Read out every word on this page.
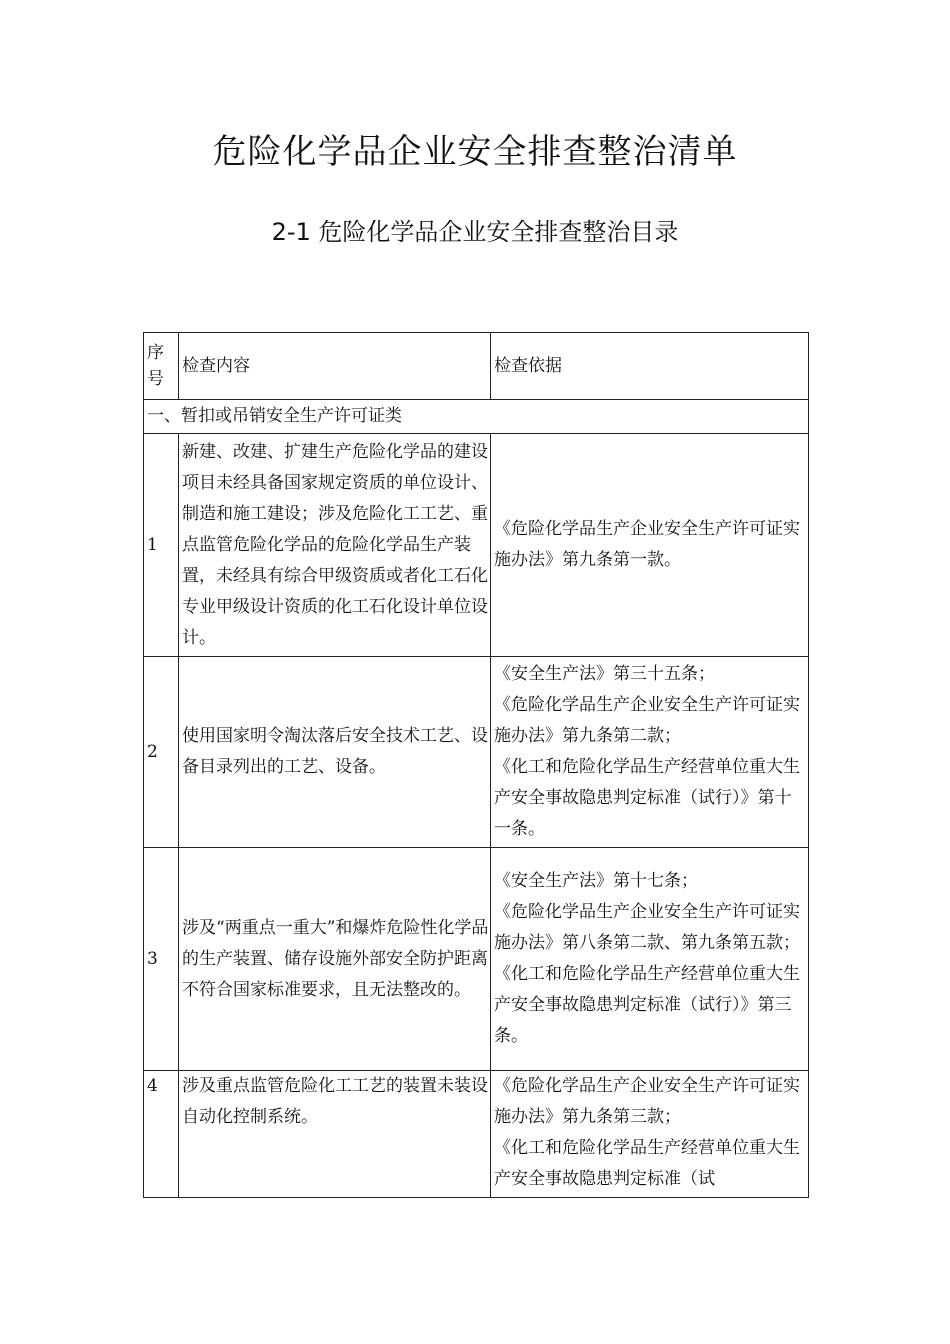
危险化学品企业安全排查整治清单
2-1 危险化学品企业安全排查整治目录
序号	检查内容	检查依据
一、暂扣或吊销安全生产许可证类		
1	新建、改建、扩建生产危险化学品的建设项目未经具备国家规定资质的单位设计、制造和施工建设；涉及危险化工工艺、重点监管危险化学品的危险化学品生产装置，未经具有综合甲级资质或者化工石化专业甲级设计资质的化工石化设计单位设计。	《危险化学品生产企业安全生产许可证实施办法》第九条第一款。

2	使用国家明令淘汰落后安全技术工艺、设备目录列出的工艺、设备。	《安全生产法》第三十五条；

《危险化学品生产企业安全生产许可证实施办法》第九条第二款；

《化工和危险化学品生产经营单位重大生产安全事故隐患判定标准（试行）》第十一条。

3	涉及“两重点一重大”和爆炸危险性化学品的生产装置、储存设施外部安全防护距离不符合国家标准要求，且无法整改的。	《安全生产法》第十七条；

《危险化学品生产企业安全生产许可证实施办法》第八条第二款、第九条第五款；

《化工和危险化学品生产经营单位重大生产安全事故隐患判定标准（试行）》第三条。

4	涉及重点监管危险化工工艺的装置未装设自动化控制系统。	《危险化学品生产企业安全生产许可证实施办法》第九条第三款；

《化工和危险化学品生产经营单位重大生产安全事故隐患判定标准（试
